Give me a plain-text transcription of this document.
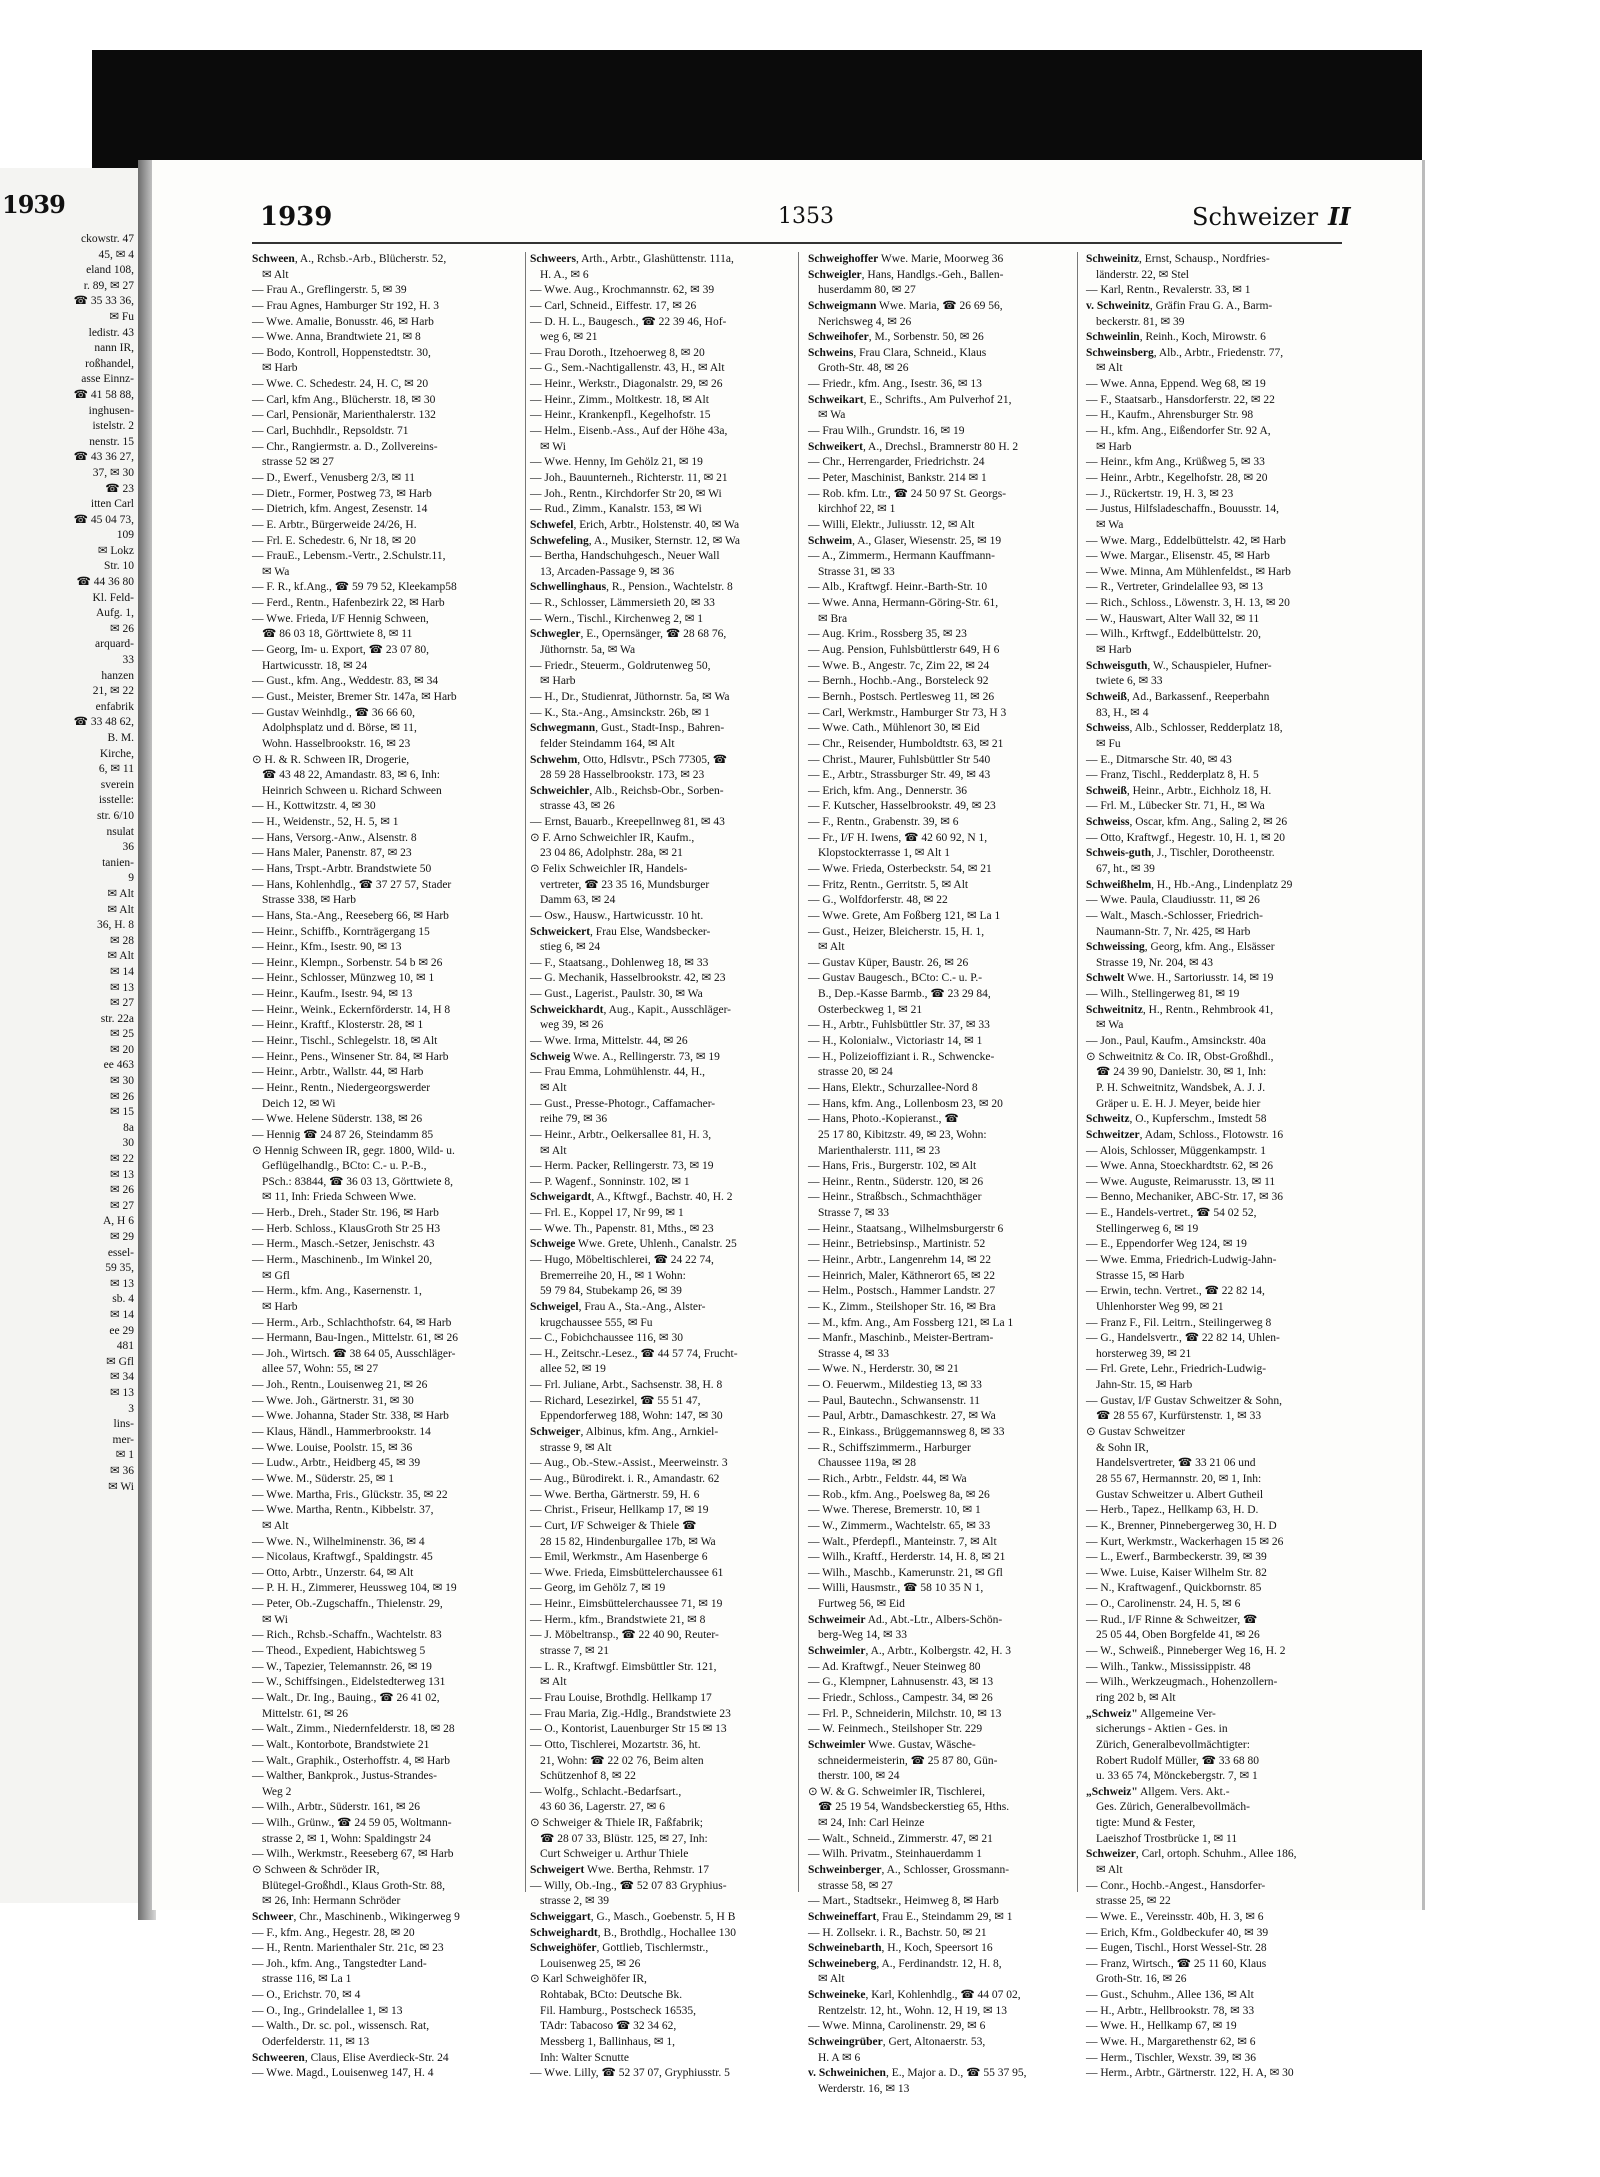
1939
ckowstr. 47
45, ✉ 4
eland 108,
r. 89, ✉ 27
☎ 35 33 36,
✉ Fu
ledistr. 43
nann IR,
roßhandel,
asse Einnz-
☎ 41 58 88,
inghusen-
istelstr. 2
nenstr. 15
☎ 43 36 27,
37, ✉ 30
☎ 23
itten Carl
☎ 45 04 73,
109
✉ Lokz
Str. 10
☎ 44 36 80
Kl. Feld-
Aufg. 1,
✉ 26
arquard-
33
hanzen
21, ✉ 22
enfabrik
☎ 33 48 62,
B. M.
Kirche,
6, ✉ 11
sverein
isstelle:
str. 6/10
nsulat
36
tanien-
9
✉ Alt
✉ Alt
36, H. 8
✉ 28
✉ Alt
✉ 14
✉ 13
✉ 27
str. 22a
✉ 25
✉ 20
ee 463
✉ 30
✉ 26
✉ 15
8a
30
✉ 22
✉ 13
✉ 26
✉ 27
A, H 6
✉ 29
essel-
59 35,
✉ 13
sb. 4
✉ 14
ee 29
481
✉ Gfl
✉ 34
✉ 13
3
lins-
mer-
✉ 1
✉ 36
✉ Wi
1939	1353	Schweizer II
Schween, A., Rchsb.-Arb., Blücherstr. 52,
✉ Alt
— Frau A., Greflingerstr. 5, ✉ 39
— Frau Agnes, Hamburger Str 192, H. 3
— Wwe. Amalie, Bonusstr. 46, ✉ Harb
— Wwe. Anna, Brandtwiete 21, ✉ 8
— Bodo, Kontroll, Hoppenstedtstr. 30,
✉ Harb
— Wwe. C. Schedestr. 24, H. C, ✉ 20
— Carl, kfm Ang., Blücherstr. 18, ✉ 30
— Carl, Pensionär, Marienthalerstr. 132
— Carl, Buchhdlr., Repsoldstr. 71
— Chr., Rangiermstr. a. D., Zollvereins-
strasse 52 ✉ 27
— D., Ewerf., Venusberg 2/3, ✉ 11
— Dietr., Former, Postweg 73, ✉ Harb
— Dietrich, kfm. Angest, Zesenstr. 14
— E. Arbtr., Bürgerweide 24/26, H.
— Frl. E. Schedestr. 6, Nr 18, ✉ 20
— FrauE., Lebensm.-Vertr., 2.Schulstr.11,
✉ Wa
— F. R., kf.Ang., ☎ 59 79 52, Kleekamp58
— Ferd., Rentn., Hafenbezirk 22, ✉ Harb
— Wwe. Frieda, I/F Hennig Schween,
☎ 86 03 18, Görttwiete 8, ✉ 11
— Georg, Im- u. Export, ☎ 23 07 80,
Hartwicusstr. 18, ✉ 24
— Gust., kfm. Ang., Weddestr. 83, ✉ 34
— Gust., Meister, Bremer Str. 147a, ✉ Harb
— Gustav Weinhdlg., ☎ 36 66 60,
Adolphsplatz und d. Börse, ✉ 11,
Wohn. Hasselbrookstr. 16, ✉ 23
⊙ H. & R. Schween IR, Drogerie,
☎ 43 48 22, Amandastr. 83, ✉ 6, Inh:
Heinrich Schween u. Richard Schween
— H., Kottwitzstr. 4, ✉ 30
— H., Weidenstr., 52, H. 5, ✉ 1
— Hans, Versorg.-Anw., Alsenstr. 8
— Hans Maler, Panenstr. 87, ✉ 23
— Hans, Trspt.-Arbtr. Brandstwiete 50
— Hans, Kohlenhdlg., ☎ 37 27 57, Stader
Strasse 338, ✉ Harb
— Hans, Sta.-Ang., Reeseberg 66, ✉ Harb
— Heinr., Schiffb., Kornträgergang 15
— Heinr., Kfm., Isestr. 90, ✉ 13
— Heinr., Klempn., Sorbenstr. 54 b ✉ 26
— Heinr., Schlosser, Münzweg 10, ✉ 1
— Heinr., Kaufm., Isestr. 94, ✉ 13
— Heinr., Weink., Eckernförderstr. 14, H 8
— Heinr., Kraftf., Klosterstr. 28, ✉ 1
— Heinr., Tischl., Schlegelstr. 18, ✉ Alt
— Heinr., Pens., Winsener Str. 84, ✉ Harb
— Heinr., Arbtr., Wallstr. 44, ✉ Harb
— Heinr., Rentn., Niedergeorgswerder
Deich 12, ✉ Wi
— Wwe. Helene Süderstr. 138, ✉ 26
— Hennig ☎ 24 87 26, Steindamm 85
⊙ Hennig Schween IR, gegr. 1800, Wild- u.
Geflügelhandlg., BCto: C.- u. P.-B.,
PSch.: 83844, ☎ 36 03 13, Görttwiete 8,
✉ 11, Inh: Frieda Schween Wwe.
— Herb., Dreh., Stader Str. 196, ✉ Harb
— Herb. Schloss., KlausGroth Str 25 H3
— Herm., Masch.-Setzer, Jenischstr. 43
— Herm., Maschinenb., Im Winkel 20,
✉ Gfl
— Herm., kfm. Ang., Kasernenstr. 1,
✉ Harb
— Herm., Arb., Schlachthofstr. 64, ✉ Harb
— Hermann, Bau-Ingen., Mittelstr. 61, ✉ 26
— Joh., Wirtsch. ☎ 38 64 05, Ausschläger-
allee 57, Wohn: 55, ✉ 27
— Joh., Rentn., Louisenweg 21, ✉ 26
— Wwe. Joh., Gärtnerstr. 31, ✉ 30
— Wwe. Johanna, Stader Str. 338, ✉ Harb
— Klaus, Händl., Hammerbrookstr. 14
— Wwe. Louise, Poolstr. 15, ✉ 36
— Ludw., Arbtr., Heidberg 45, ✉ 39
— Wwe. M., Süderstr. 25, ✉ 1
— Wwe. Martha, Fris., Glückstr. 35, ✉ 22
— Wwe. Martha, Rentn., Kibbelstr. 37,
✉ Alt
— Wwe. N., Wilhelminenstr. 36, ✉ 4
— Nicolaus, Kraftwgf., Spaldingstr. 45
— Otto, Arbtr., Unzerstr. 64, ✉ Alt
— P. H. H., Zimmerer, Heussweg 104, ✉ 19
— Peter, Ob.-Zugschaffn., Thielenstr. 29,
✉ Wi
— Rich., Rchsb.-Schaffn., Wachtelstr. 83
— Theod., Expedient, Habichtsweg 5
— W., Tapezier, Telemannstr. 26, ✉ 19
— W., Schiffsingen., Eidelstedterweg 131
— Walt., Dr. Ing., Bauing., ☎ 26 41 02,
Mittelstr. 61, ✉ 26
— Walt., Zimm., Niedernfelderstr. 18, ✉ 28
— Walt., Kontorbote, Brandstwiete 21
— Walt., Graphik., Osterhoffstr. 4, ✉ Harb
— Walther, Bankprok., Justus-Strandes-
Weg 2
— Wilh., Arbtr., Süderstr. 161, ✉ 26
— Wilh., Grünw., ☎ 24 59 05, Woltmann-
strasse 2, ✉ 1, Wohn: Spaldingstr 24
— Wilh., Werkmstr., Reeseberg 67, ✉ Harb
⊙ Schween & Schröder IR,
Blütegel-Großhdl., Klaus Groth-Str. 88,
✉ 26, Inh: Hermann Schröder
Schweer, Chr., Maschinenb., Wikingerweg 9
— F., kfm. Ang., Hegestr. 28, ✉ 20
— H., Rentn. Marienthaler Str. 21c, ✉ 23
— Joh., kfm. Ang., Tangstedter Land-
strasse 116, ✉ La 1
— O., Erichstr. 70, ✉ 4
— O., Ing., Grindelallee 1, ✉ 13
— Walth., Dr. sc. pol., wissensch. Rat,
Oderfelderstr. 11, ✉ 13
Schweeren, Claus, Elise Averdieck-Str. 24
— Wwe. Magd., Louisenweg 147, H. 4
Schweers, Arth., Arbtr., Glashüttenstr. 111a,
H. A., ✉ 6
— Wwe. Aug., Krochmannstr. 62, ✉ 39
— Carl, Schneid., Eiffestr. 17, ✉ 26
— D. H. L., Baugesch., ☎ 22 39 46, Hof-
weg 6, ✉ 21
— Frau Doroth., Itzehoerweg 8, ✉ 20
— G., Sem.-Nachtigallenstr. 43, H., ✉ Alt
— Heinr., Werkstr., Diagonalstr. 29, ✉ 26
— Heinr., Zimm., Moltkestr. 18, ✉ Alt
— Heinr., Krankenpfl., Kegelhofstr. 15
— Helm., Eisenb.-Ass., Auf der Höhe 43a,
✉ Wi
— Wwe. Henny, Im Gehölz 21, ✉ 19
— Joh., Bauunterneh., Richterstr. 11, ✉ 21
— Joh., Rentn., Kirchdorfer Str 20, ✉ Wi
— Rud., Zimm., Kanalstr. 153, ✉ Wi
Schwefel, Erich, Arbtr., Holstenstr. 40, ✉ Wa
Schwefeling, A., Musiker, Sternstr. 12, ✉ Wa
— Bertha, Handschuhgesch., Neuer Wall
13, Arcaden-Passage 9, ✉ 36
Schwellinghaus, R., Pension., Wachtelstr. 8
— R., Schlosser, Lämmersieth 20, ✉ 33
— Wern., Tischl., Kirchenweg 2, ✉ 1
Schwegler, E., Opernsänger, ☎ 28 68 76,
Jüthornstr. 5a, ✉ Wa
— Friedr., Steuerm., Goldrutenweg 50,
✉ Harb
— H., Dr., Studienrat, Jüthornstr. 5a, ✉ Wa
— K., Sta.-Ang., Amsinckstr. 26b, ✉ 1
Schwegmann, Gust., Stadt-Insp., Bahren-
felder Steindamm 164, ✉ Alt
Schwehm, Otto, Hdlsvtr., PSch 77305, ☎
28 59 28 Hasselbrookstr. 173, ✉ 23
Schweichler, Alb., Reichsb-Obr., Sorben-
strasse 43, ✉ 26
— Ernst, Bauarb., Kreepellnweg 81, ✉ 43
⊙ F. Arno Schweichler IR, Kaufm.,
23 04 86, Adolphstr. 28a, ✉ 21
⊙ Felix Schweichler IR, Handels-
vertreter, ☎ 23 35 16, Mundsburger
Damm 63, ✉ 24
— Osw., Hausw., Hartwicusstr. 10 ht.
Schweickert, Frau Else, Wandsbecker-
stieg 6, ✉ 24
— F., Staatsang., Dohlenweg 18, ✉ 33
— G. Mechanik, Hasselbrookstr. 42, ✉ 23
— Gust., Lagerist., Paulstr. 30, ✉ Wa
Schweickhardt, Aug., Kapit., Ausschläger-
weg 39, ✉ 26
— Wwe. Irma, Mittelstr. 44, ✉ 26
Schweig Wwe. A., Rellingerstr. 73, ✉ 19
— Frau Emma, Lohmühlenstr. 44, H.,
✉ Alt
— Gust., Presse-Photogr., Caffamacher-
reihe 79, ✉ 36
— Heinr., Arbtr., Oelkersallee 81, H. 3,
✉ Alt
— Herm. Packer, Rellingerstr. 73, ✉ 19
— P. Wagenf., Sonninstr. 102, ✉ 1
Schweigardt, A., Kftwgf., Bachstr. 40, H. 2
— Frl. E., Koppel 17, Nr 99, ✉ 1
— Wwe. Th., Papenstr. 81, Mths., ✉ 23
Schweige Wwe. Grete, Uhlenh., Canalstr. 25
— Hugo, Möbeltischlerei, ☎ 24 22 74,
Bremerreihe 20, H., ✉ 1 Wohn:
59 79 84, Stubekamp 26, ✉ 39
Schweigel, Frau A., Sta.-Ang., Alster-
krugchaussee 555, ✉ Fu
— C., Fobichchaussee 116, ✉ 30
— H., Zeitschr.-Lesez., ☎ 44 57 74, Frucht-
allee 52, ✉ 19
— Frl. Juliane, Arbt., Sachsenstr. 38, H. 8
— Richard, Lesezirkel, ☎ 55 51 47,
Eppendorferweg 188, Wohn: 147, ✉ 30
Schweiger, Albinus, kfm. Ang., Arnkiel-
strasse 9, ✉ Alt
— Aug., Ob.-Stew.-Assist., Meerweinstr. 3
— Aug., Bürodirekt. i. R., Amandastr. 62
— Wwe. Bertha, Gärtnerstr. 59, H. 6
— Christ., Friseur, Hellkamp 17, ✉ 19
— Curt, I/F Schweiger & Thiele ☎
28 15 82, Hindenburgallee 17b, ✉ Wa
— Emil, Werkmstr., Am Hasenberge 6
— Wwe. Frieda, Eimsbüttelerchaussee 61
— Georg, im Gehölz 7, ✉ 19
— Heinr., Eimsbüttelerchaussee 71, ✉ 19
— Herm., kfm., Brandstwiete 21, ✉ 8
— J. Möbeltransp., ☎ 22 40 90, Reuter-
strasse 7, ✉ 21
— L. R., Kraftwgf. Eimsbüttler Str. 121,
✉ Alt
— Frau Louise, Brothdlg. Hellkamp 17
— Frau Maria, Zig.-Hdlg., Brandstwiete 23
— O., Kontorist, Lauenburger Str 15 ✉ 13
— Otto, Tischlerei, Mozartstr. 36, ht.
21, Wohn: ☎ 22 02 76, Beim alten
Schützenhof 8, ✉ 22
— Wolfg., Schlacht.-Bedarfsart.,
43 60 36, Lagerstr. 27, ✉ 6
⊙ Schweiger & Thiele IR, Faßfabrik;
☎ 28 07 33, Blüstr. 125, ✉ 27, Inh:
Curt Schweiger u. Arthur Thiele
Schweigert Wwe. Bertha, Rehmstr. 17
— Willy, Ob.-Ing., ☎ 52 07 83 Gryphius-
strasse 2, ✉ 39
Schweiggart, G., Masch., Goebenstr. 5, H B
Schweighardt, B., Brothdlg., Hochallee 130
Schweighöfer, Gottlieb, Tischlermstr.,
Louisenweg 25, ✉ 26
⊙ Karl Schweighöfer IR,
Rohtabak, BCto: Deutsche Bk.
Fil. Hamburg., Postscheck 16535,
TAdr: Tabacoso ☎ 32 34 62,
Messberg 1, Ballinhaus, ✉ 1,
Inh: Walter Scnutte
— Wwe. Lilly, ☎ 52 37 07, Gryphiusstr. 5
Schweighoffer Wwe. Marie, Moorweg 36
Schweigler, Hans, Handlgs.-Geh., Ballen-
huserdamm 80, ✉ 27
Schweigmann Wwe. Maria, ☎ 26 69 56,
Nerichsweg 4, ✉ 26
Schweihofer, M., Sorbenstr. 50, ✉ 26
Schweins, Frau Clara, Schneid., Klaus
Groth-Str. 48, ✉ 26
— Friedr., kfm. Ang., Isestr. 36, ✉ 13
Schweikart, E., Schrifts., Am Pulverhof 21,
✉ Wa
— Frau Wilh., Grundstr. 16, ✉ 19
Schweikert, A., Drechsl., Bramnerstr 80 H. 2
— Chr., Herrengarder, Friedrichstr. 24
— Peter, Maschinist, Bankstr. 214 ✉ 1
— Rob. kfm. Ltr., ☎ 24 50 97 St. Georgs-
kirchhof 22, ✉ 1
— Willi, Elektr., Juliusstr. 12, ✉ Alt
Schweim, A., Glaser, Wiesenstr. 25, ✉ 19
— A., Zimmerm., Hermann Kauffmann-
Strasse 31, ✉ 33
— Alb., Kraftwgf. Heinr.-Barth-Str. 10
— Wwe. Anna, Hermann-Göring-Str. 61,
✉ Bra
— Aug. Krim., Rossberg 35, ✉ 23
— Aug. Pension, Fuhlsbüttlerstr 649, H 6
— Wwe. B., Angestr. 7c, Zim 22, ✉ 24
— Bernh., Hochb.-Ang., Borsteleck 92
— Bernh., Postsch. Pertlesweg 11, ✉ 26
— Carl, Werkmstr., Hamburger Str 73, H 3
— Wwe. Cath., Mühlenort 30, ✉ Eid
— Chr., Reisender, Humboldtstr. 63, ✉ 21
— Christ., Maurer, Fuhlsbüttler Str 540
— E., Arbtr., Strassburger Str. 49, ✉ 43
— Erich, kfm. Ang., Dennerstr. 36
— F. Kutscher, Hasselbrookstr. 49, ✉ 23
— F., Rentn., Grabenstr. 39, ✉ 6
— Fr., I/F H. Iwens, ☎ 42 60 92, N 1,
Klopstockterrasse 1, ✉ Alt 1
— Wwe. Frieda, Osterbeckstr. 54, ✉ 21
— Fritz, Rentn., Gerritstr. 5, ✉ Alt
— G., Wolfdorferstr. 48, ✉ 22
— Wwe. Grete, Am Foßberg 121, ✉ La 1
— Gust., Heizer, Bleicherstr. 15, H. 1,
✉ Alt
— Gustav Küper, Baustr. 26, ✉ 26
— Gustav Baugesch., BCto: C.- u. P.-
B., Dep.-Kasse Barmb., ☎ 23 29 84,
Osterbeckweg 1, ✉ 21
— H., Arbtr., Fuhlsbüttler Str. 37, ✉ 33
— H., Kolonialw., Victoriastr 14, ✉ 1
— H., Polizeioffiziant i. R., Schwencke-
strasse 20, ✉ 24
— Hans, Elektr., Schurzallee-Nord 8
— Hans, kfm. Ang., Lollenbosm 23, ✉ 20
— Hans, Photo.-Kopieranst., ☎
25 17 80, Kibitzstr. 49, ✉ 23, Wohn:
Marienthalerstr. 111, ✉ 23
— Hans, Fris., Burgerstr. 102, ✉ Alt
— Heinr., Rentn., Süderstr. 120, ✉ 26
— Heinr., Straßbsch., Schmachthäger
Strasse 7, ✉ 33
— Heinr., Staatsang., Wilhelmsburgerstr 6
— Heinr., Betriebsinsp., Martinistr. 52
— Heinr., Arbtr., Langenrehm 14, ✉ 22
— Heinrich, Maler, Käthnerort 65, ✉ 22
— Helm., Postsch., Hammer Landstr. 27
— K., Zimm., Steilshoper Str. 16, ✉ Bra
— M., kfm. Ang., Am Fossberg 121, ✉ La 1
— Manfr., Maschinb., Meister-Bertram-
Strasse 4, ✉ 33
— Wwe. N., Herderstr. 30, ✉ 21
— O. Feuerwm., Mildestieg 13, ✉ 33
— Paul, Bautechn., Schwansenstr. 11
— Paul, Arbtr., Damaschkestr. 27, ✉ Wa
— R., Einkass., Brüggemannsweg 8, ✉ 33
— R., Schiffszimmerm., Harburger
Chaussee 119a, ✉ 28
— Rich., Arbtr., Feldstr. 44, ✉ Wa
— Rob., kfm. Ang., Poelsweg 8a, ✉ 26
— Wwe. Therese, Bremerstr. 10, ✉ 1
— W., Zimmerm., Wachtelstr. 65, ✉ 33
— Walt., Pferdepfl., Manteinstr. 7, ✉ Alt
— Wilh., Kraftf., Herderstr. 14, H. 8, ✉ 21
— Wilh., Maschb., Kamerunstr. 21, ✉ Gfl
— Willi, Hausmstr., ☎ 58 10 35 N 1,
Furtweg 56, ✉ Eid
Schweimeir Ad., Abt.-Ltr., Albers-Schön-
berg-Weg 14, ✉ 33
Schweimler, A., Arbtr., Kolbergstr. 42, H. 3
— Ad. Kraftwgf., Neuer Steinweg 80
— G., Klempner, Lahnusenstr. 43, ✉ 13
— Friedr., Schloss., Campestr. 34, ✉ 26
— Frl. P., Schneiderin, Milchstr. 10, ✉ 13
— W. Feinmech., Steilshoper Str. 229
Schweimler Wwe. Gustav, Wäsche-
schneidermeisterin, ☎ 25 87 80, Gün-
therstr. 100, ✉ 24
⊙ W. & G. Schweimler IR, Tischlerei,
☎ 25 19 54, Wandsbeckerstieg 65, Hths.
✉ 24, Inh: Carl Heinze
— Walt., Schneid., Zimmerstr. 47, ✉ 21
— Wilh. Privatm., Steinhauerdamm 1
Schweinberger, A., Schlosser, Grossmann-
strasse 58, ✉ 27
— Mart., Stadtsekr., Heimweg 8, ✉ Harb
Schweineffart, Frau E., Steindamm 29, ✉ 1
— H. Zollsekr. i. R., Bachstr. 50, ✉ 21
Schweinebarth, H., Koch, Speersort 16
Schweineberg, A., Ferdinandstr. 12, H. 8,
✉ Alt
Schweineke, Karl, Kohlenhdlg., ☎ 44 07 02,
Rentzelstr. 12, ht., Wohn. 12, H 19, ✉ 13
— Wwe. Minna, Carolinenstr. 29, ✉ 6
Schweingrüber, Gert, Altonaerstr. 53,
H. A ✉ 6
v. Schweinichen, E., Major a. D., ☎ 55 37 95,
Werderstr. 16, ✉ 13
Schweinitz, Ernst, Schausp., Nordfries-
länderstr. 22, ✉ Stel
— Karl, Rentn., Revalerstr. 33, ✉ 1
v. Schweinitz, Gräfin Frau G. A., Barm-
beckerstr. 81, ✉ 39
Schweinlin, Reinh., Koch, Mirowstr. 6
Schweinsberg, Alb., Arbtr., Friedenstr. 77,
✉ Alt
— Wwe. Anna, Eppend. Weg 68, ✉ 19
— F., Staatsarb., Hansdorferstr. 22, ✉ 22
— H., Kaufm., Ahrensburger Str. 98
— H., kfm. Ang., Eißendorfer Str. 92 A,
✉ Harb
— Heinr., kfm Ang., Krüßweg 5, ✉ 33
— Heinr., Arbtr., Kegelhofstr. 28, ✉ 20
— J., Rückertstr. 19, H. 3, ✉ 23
— Justus, Hilfsladeschaffn., Bouusstr. 14,
✉ Wa
— Wwe. Marg., Eddelbüttelstr. 42, ✉ Harb
— Wwe. Margar., Elisenstr. 45, ✉ Harb
— Wwe. Minna, Am Mühlenfeldst., ✉ Harb
— R., Vertreter, Grindelallee 93, ✉ 13
— Rich., Schloss., Löwenstr. 3, H. 13, ✉ 20
— W., Hauswart, Alter Wall 32, ✉ 11
— Wilh., Krftwgf., Eddelbüttelstr. 20,
✉ Harb
Schweisguth, W., Schauspieler, Hufner-
twiete 6, ✉ 33
Schweiß, Ad., Barkassenf., Reeperbahn
83, H., ✉ 4
Schweiss, Alb., Schlosser, Redderplatz 18,
✉ Fu
— E., Ditmarsche Str. 40, ✉ 43
— Franz, Tischl., Redderplatz 8, H. 5
Schweiß, Heinr., Arbtr., Eichholz 18, H.
— Frl. M., Lübecker Str. 71, H., ✉ Wa
Schweiss, Oscar, kfm. Ang., Saling 2, ✉ 26
— Otto, Kraftwgf., Hegestr. 10, H. 1, ✉ 20
Schweis-guth, J., Tischler, Dorotheenstr.
67, ht., ✉ 39
Schweißhelm, H., Hb.-Ang., Lindenplatz 29
— Wwe. Paula, Claudiusstr. 11, ✉ 26
— Walt., Masch.-Schlosser, Friedrich-
Naumann-Str. 7, Nr. 425, ✉ Harb
Schweissing, Georg, kfm. Ang., Elsässer
Strasse 19, Nr. 204, ✉ 43
Schwelt Wwe. H., Sartoriusstr. 14, ✉ 19
— Wilh., Stellingerweg 81, ✉ 19
Schweitnitz, H., Rentn., Rehmbrook 41,
✉ Wa
— Jon., Paul, Kaufm., Amsinckstr. 40a
⊙ Schweitnitz & Co. IR, Obst-Großhdl.,
☎ 24 39 90, Danielstr. 30, ✉ 1, Inh:
P. H. Schweitnitz, Wandsbek, A. J. J.
Gräper u. E. H. J. Meyer, beide hier
Schweitz, O., Kupferschm., Imstedt 58
Schweitzer, Adam, Schloss., Flotowstr. 16
— Alois, Schlosser, Müggenkampstr. 1
— Wwe. Anna, Stoeckhardtstr. 62, ✉ 26
— Wwe. Auguste, Reimarusstr. 13, ✉ 11
— Benno, Mechaniker, ABC-Str. 17, ✉ 36
— E., Handels-vertret., ☎ 54 02 52,
Stellingerweg 6, ✉ 19
— E., Eppendorfer Weg 124, ✉ 19
— Wwe. Emma, Friedrich-Ludwig-Jahn-
Strasse 15, ✉ Harb
— Erwin, techn. Vertret., ☎ 22 82 14,
Uhlenhorster Weg 99, ✉ 21
— Franz F., Fil. Leitrn., Steilingerweg 8
— G., Handelsvertr., ☎ 22 82 14, Uhlen-
horsterweg 39, ✉ 21
— Frl. Grete, Lehr., Friedrich-Ludwig-
Jahn-Str. 15, ✉ Harb
— Gustav, I/F Gustav Schweitzer & Sohn,
☎ 28 55 67, Kurfürstenstr. 1, ✉ 33
⊙ Gustav Schweitzer
& Sohn IR,
Handelsvertreter, ☎ 33 21 06 und
28 55 67, Hermannstr. 20, ✉ 1, Inh:
Gustav Schweitzer u. Albert Gutheil
— Herb., Tapez., Hellkamp 63, H. D.
— K., Brenner, Pinnebergerweg 30, H. D
— Kurt, Werkmstr., Wackerhagen 15 ✉ 26
— L., Ewerf., Barmbeckerstr. 39, ✉ 39
— Wwe. Luise, Kaiser Wilhelm Str. 82
— N., Kraftwagenf., Quickbornstr. 85
— O., Carolinenstr. 24, H. 5, ✉ 6
— Rud., I/F Rinne & Schweitzer, ☎
25 05 44, Oben Borgfelde 41, ✉ 26
— W., Schweiß., Pinneberger Weg 16, H. 2
— Wilh., Tankw., Mississippistr. 48
— Wilh., Werkzeugmach., Hohenzollern-
ring 202 b, ✉ Alt
„Schweiz" Allgemeine Ver-
sicherungs - Aktien - Ges. in
Zürich, Generalbevollmächtigter:
Robert Rudolf Müller, ☎ 33 68 80
u. 33 65 74, Mönckebergstr. 7, ✉ 1
„Schweiz" Allgem. Vers. Akt.-
Ges. Zürich, Generalbevollmäch-
tigte: Mund & Fester,
Laeiszhof Trostbrücke 1, ✉ 11
Schweizer, Carl, ortoph. Schuhm., Allee 186,
✉ Alt
— Conr., Hochb.-Angest., Hansdorfer-
strasse 25, ✉ 22
— Wwe. E., Vereinsstr. 40b, H. 3, ✉ 6
— Erich, Kfm., Goldbeckufer 40, ✉ 39
— Eugen, Tischl., Horst Wessel-Str. 28
— Franz, Wirtsch., ☎ 25 11 60, Klaus
Groth-Str. 16, ✉ 26
— Gust., Schuhm., Allee 136, ✉ Alt
— H., Arbtr., Hellbrookstr. 78, ✉ 33
— Wwe. H., Hellkamp 67, ✉ 19
— Wwe. H., Margarethenstr 62, ✉ 6
— Herm., Tischler, Wexstr. 39, ✉ 36
— Herm., Arbtr., Gärtnerstr. 122, H. A, ✉ 30
